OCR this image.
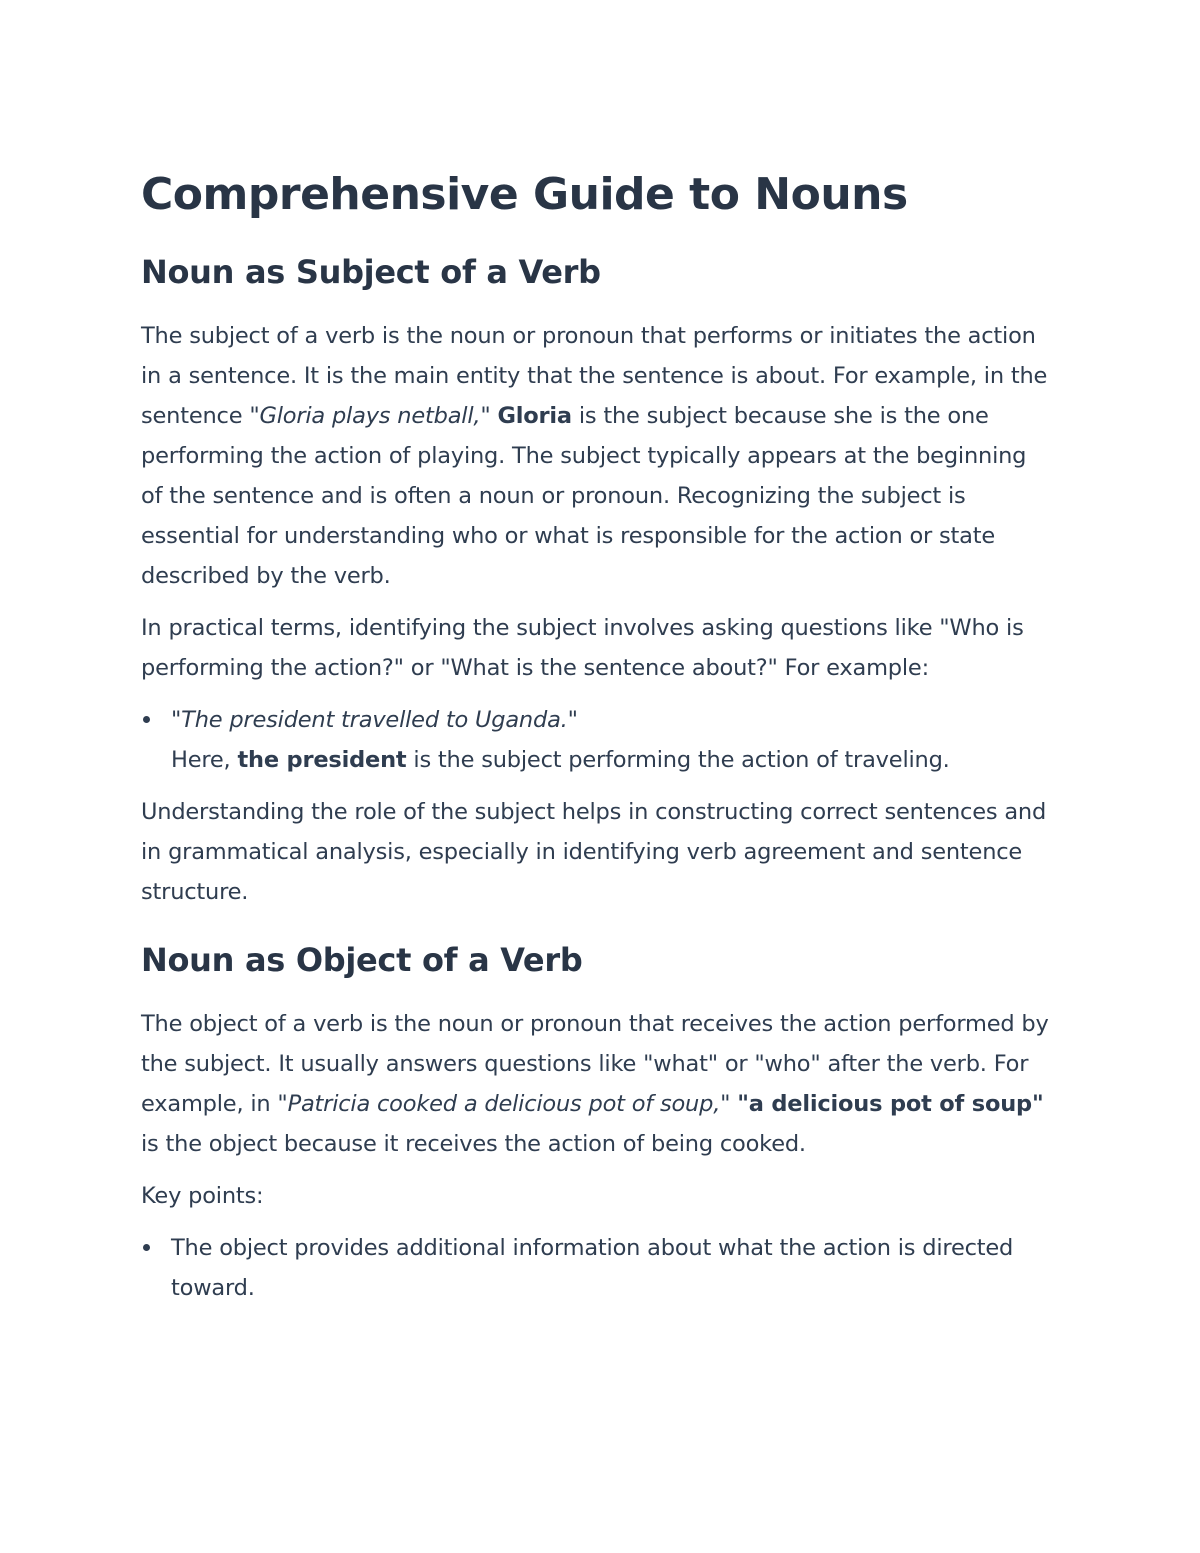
Comprehensive Guide to Nouns
Noun as Subject of a Verb

The subject of a verb is the noun or pronoun that performs or initiates the action in a sentence. It is the main entity that the sentence is about. For example, in the sentence "Gloria plays netball," Gloria is the subject because she is the one performing the action of playing. The subject typically appears at the beginning of the sentence and is often a noun or pronoun. Recognizing the subject is essential for understanding who or what is responsible for the action or state described by the verb.

In practical terms, identifying the subject involves asking questions like "Who is performing the action?" or "What is the sentence about?" For example:

"The president travelled to Uganda."
Here, the president is the subject performing the action of traveling.

Understanding the role of the subject helps in constructing correct sentences and in grammatical analysis, especially in identifying verb agreement and sentence structure.

Noun as Object of a Verb

The object of a verb is the noun or pronoun that receives the action performed by the subject. It usually answers questions like "what" or "who" after the verb. For example, in "Patricia cooked a delicious pot of soup," "a delicious pot of soup" is the object because it receives the action of being cooked.

Key points:

The object provides additional information about what the action is directed toward.
